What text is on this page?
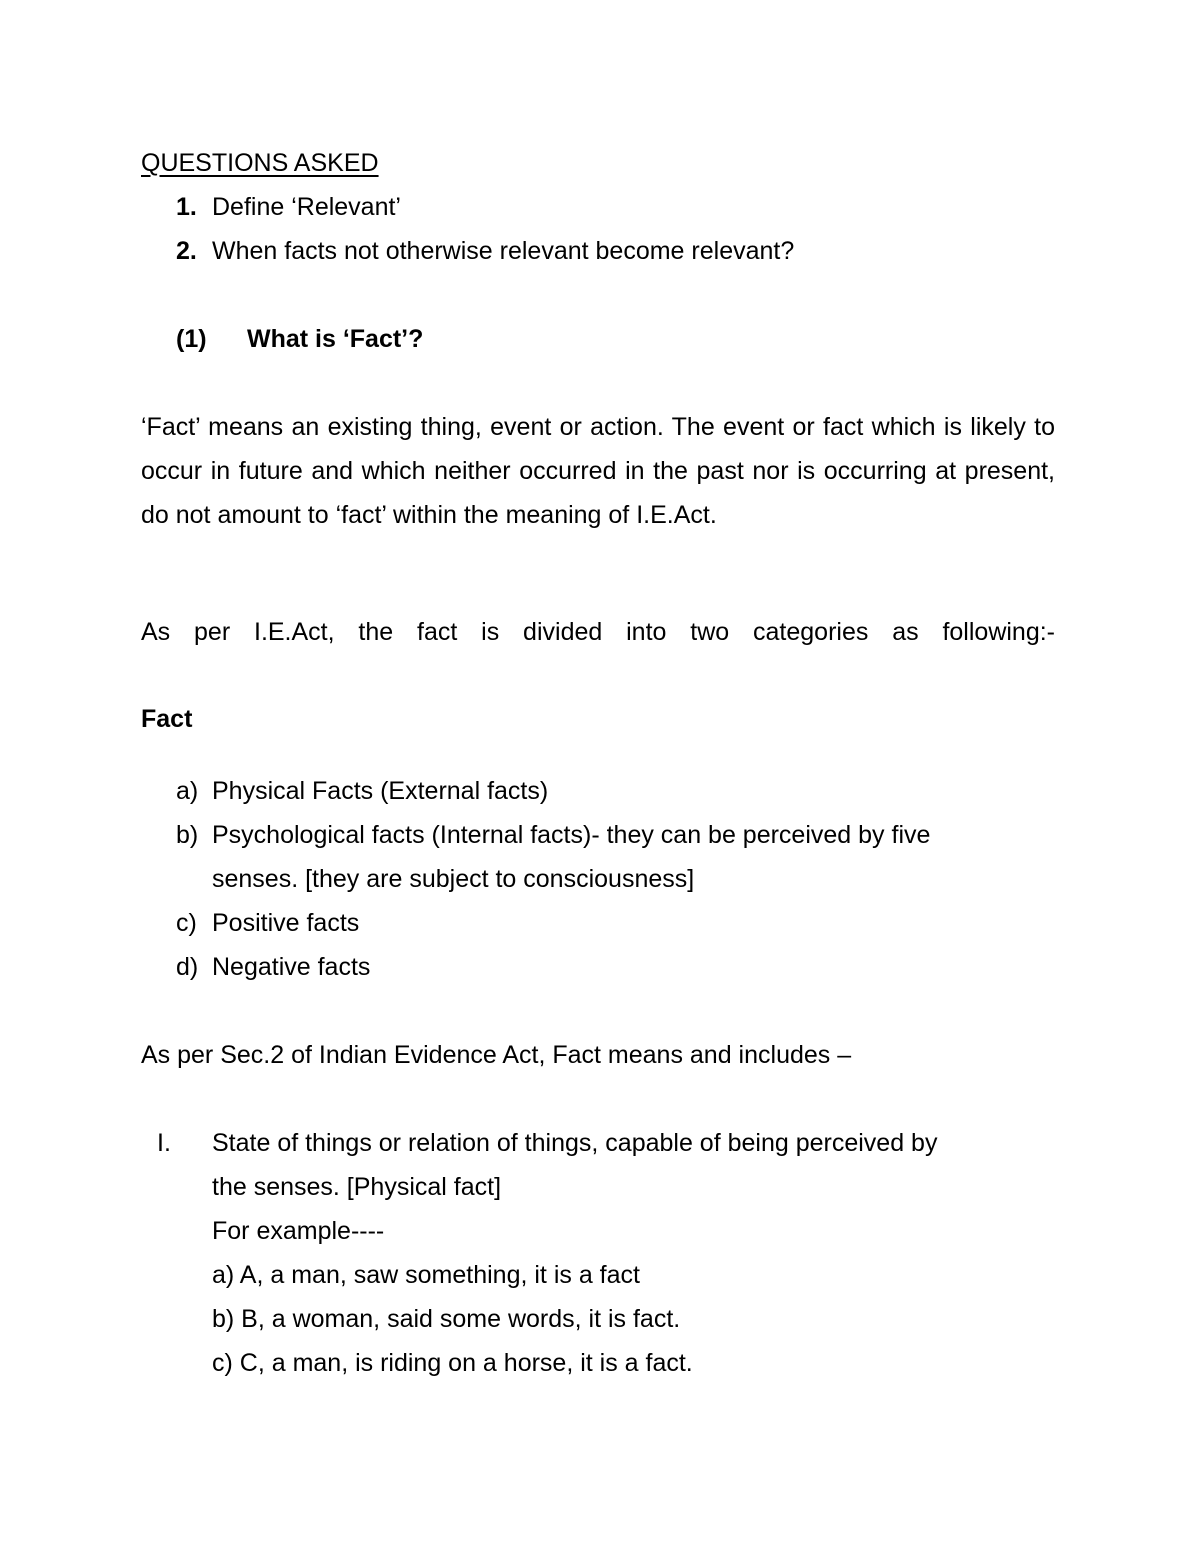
QUESTIONS ASKED
1. Define ‘Relevant’
2. When facts not otherwise relevant become relevant?
(1) What is ‘Fact’?
‘Fact’ means an existing thing, event or action. The event or fact which is likely to occur in future and which neither occurred in the past nor is occurring at present, do not amount to ‘fact’ within the meaning of I.E.Act.
As per I.E.Act, the fact is divided into two categories as following:-
Fact
a) Physical Facts (External facts)
b) Psychological facts (Internal facts)- they can be perceived by five
senses. [they are subject to consciousness]
c) Positive facts
d) Negative facts
As per Sec.2 of Indian Evidence Act, Fact means and includes –
I. State of things or relation of things, capable of being perceived by
the senses. [Physical fact]
For example----
a) A, a man, saw something, it is a fact
b) B, a woman, said some words, it is fact.
c) C, a man, is riding on a horse, it is a fact.
